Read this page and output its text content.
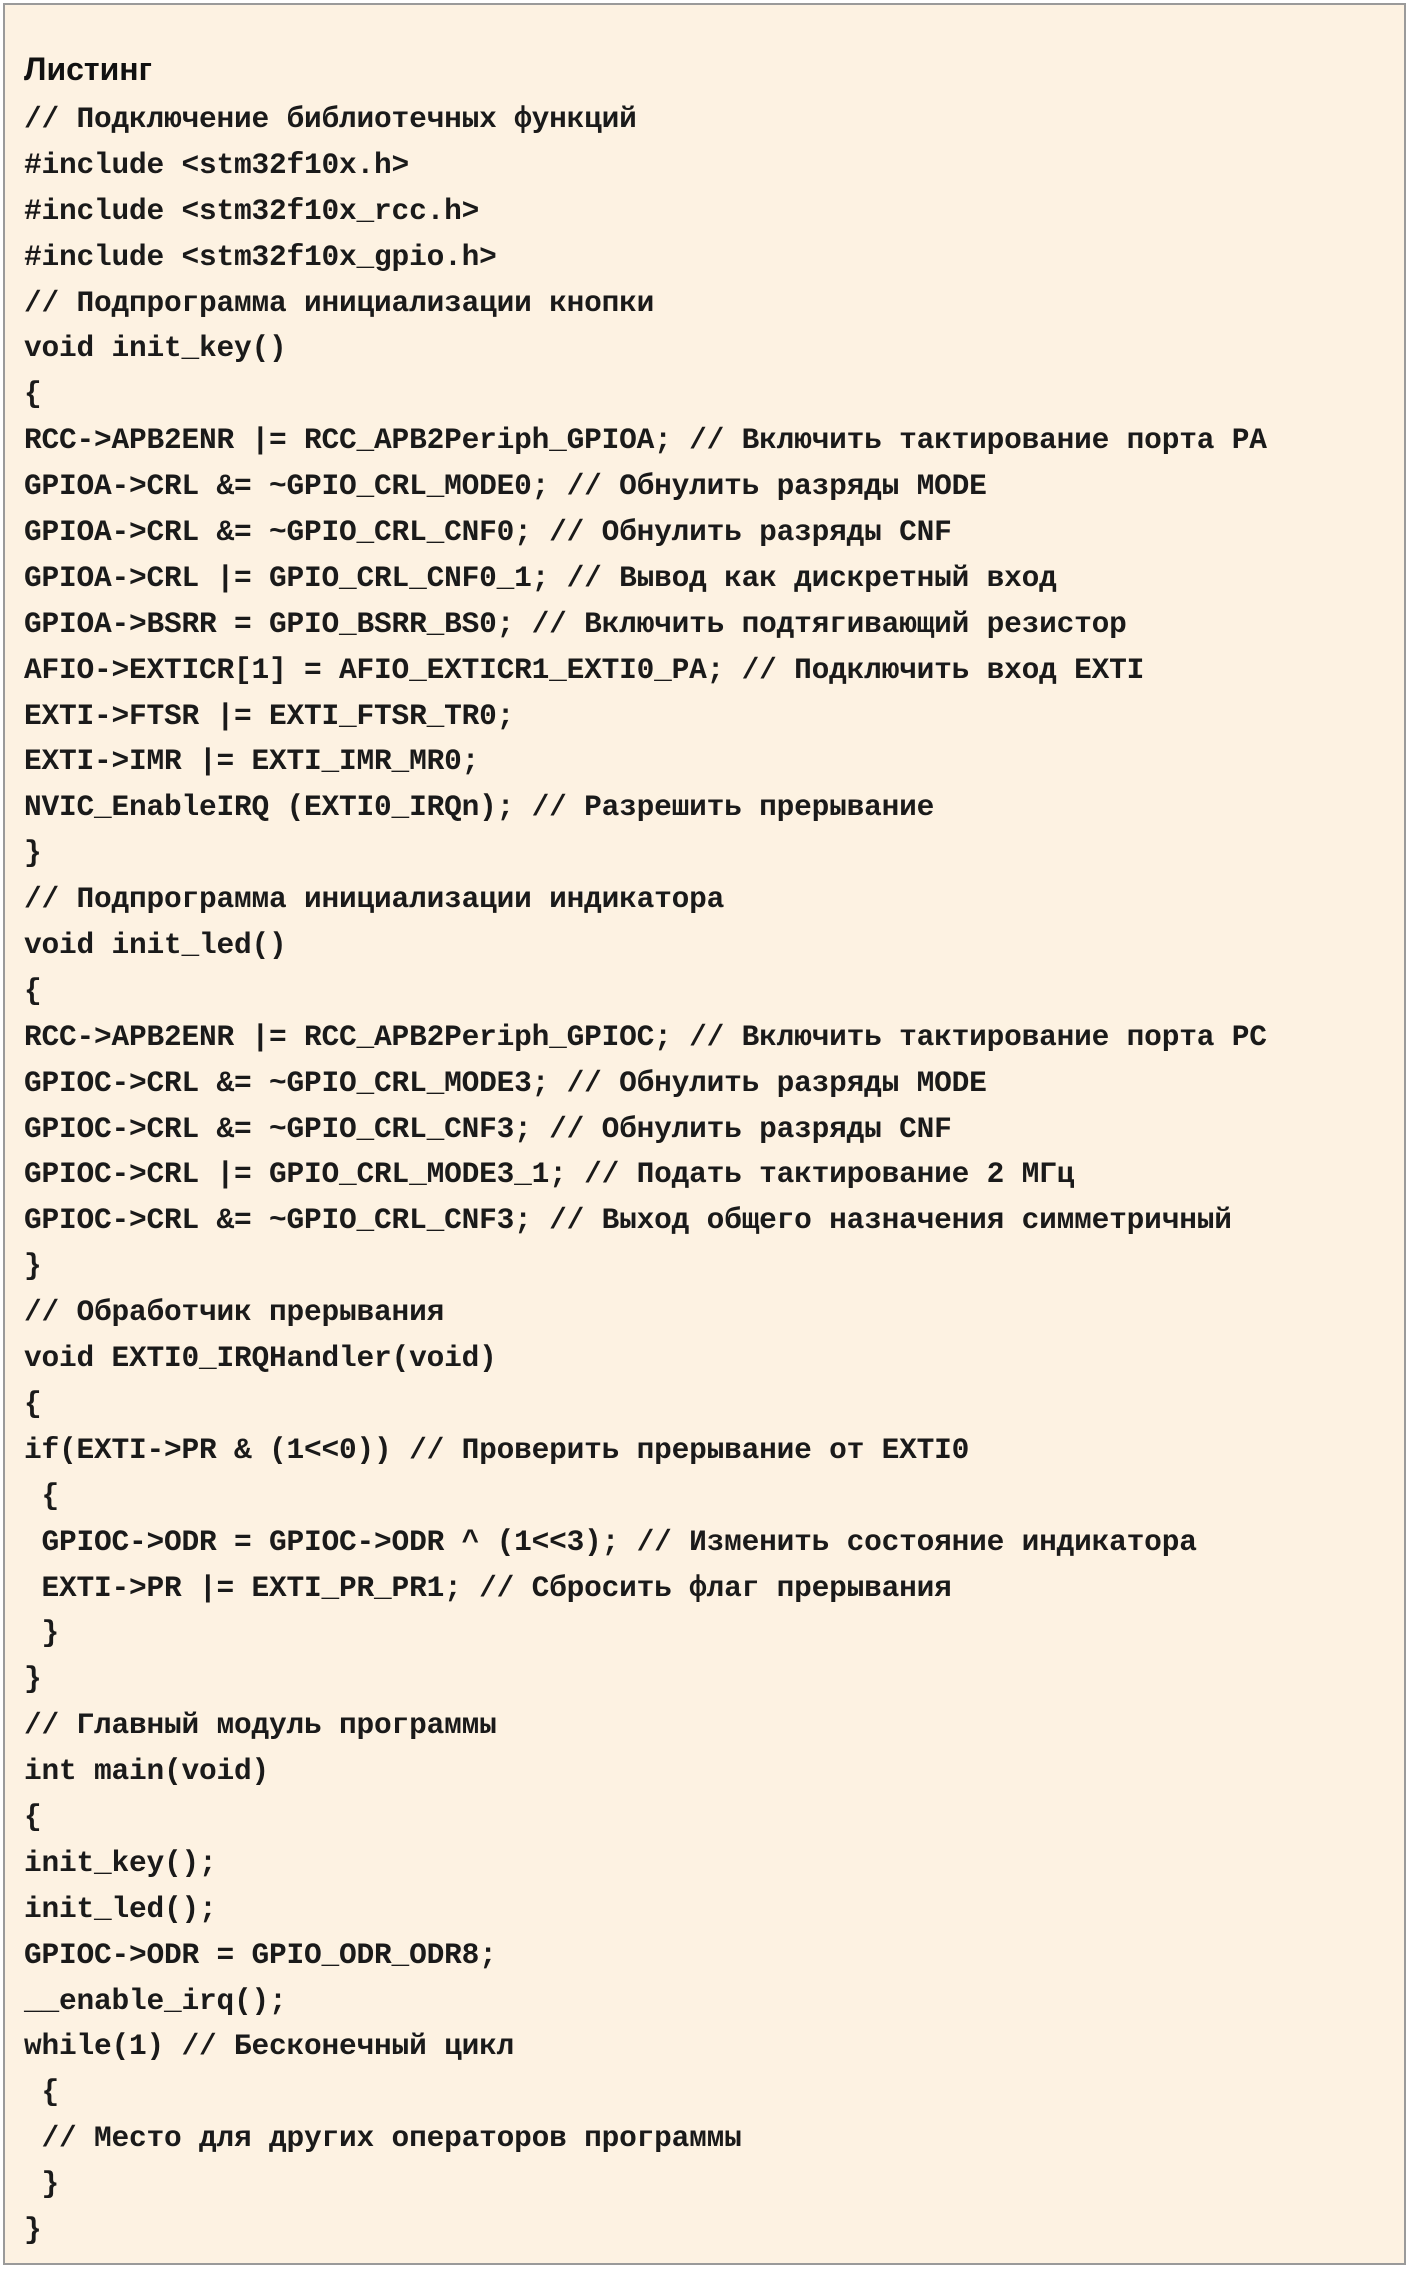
Листинг
// Подключение библиотечных функций
#include <stm32f10x.h>
#include <stm32f10x_rcc.h>
#include <stm32f10x_gpio.h>
// Подпрограмма инициализации кнопки
void init_key()
{
RCC->APB2ENR |= RCC_APB2Periph_GPIOA; // Включить тактирование порта PA
GPIOA->CRL &= ~GPIO_CRL_MODE0; // Обнулить разряды MODE
GPIOA->CRL &= ~GPIO_CRL_CNF0; // Обнулить разряды CNF
GPIOA->CRL |= GPIO_CRL_CNF0_1; // Вывод как дискретный вход
GPIOA->BSRR = GPIO_BSRR_BS0; // Включить подтягивающий резистор
AFIO->EXTICR[1] = AFIO_EXTICR1_EXTI0_PA; // Подключить вход EXTI
EXTI->FTSR |= EXTI_FTSR_TR0;
EXTI->IMR |= EXTI_IMR_MR0;
NVIC_EnableIRQ (EXTI0_IRQn); // Разрешить прерывание
}
// Подпрограмма инициализации индикатора
void init_led()
{
RCC->APB2ENR |= RCC_APB2Periph_GPIOC; // Включить тактирование порта PC
GPIOC->CRL &= ~GPIO_CRL_MODE3; // Обнулить разряды MODE
GPIOC->CRL &= ~GPIO_CRL_CNF3; // Обнулить разряды CNF
GPIOC->CRL |= GPIO_CRL_MODE3_1; // Подать тактирование 2 МГц
GPIOC->CRL &= ~GPIO_CRL_CNF3; // Выход общего назначения симметричный
}
// Обработчик прерывания
void EXTI0_IRQHandler(void)
{
if(EXTI->PR & (1<<0)) // Проверить прерывание от EXTI0
{
GPIOC->ODR = GPIOC->ODR ^ (1<<3); // Изменить состояние индикатора
EXTI->PR |= EXTI_PR_PR1; // Сбросить флаг прерывания
}
}
// Главный модуль программы
int main(void)
{
init_key();
init_led();
GPIOC->ODR = GPIO_ODR_ODR8;
__enable_irq();
while(1) // Бесконечный цикл
{
// Место для других операторов программы
}
}
